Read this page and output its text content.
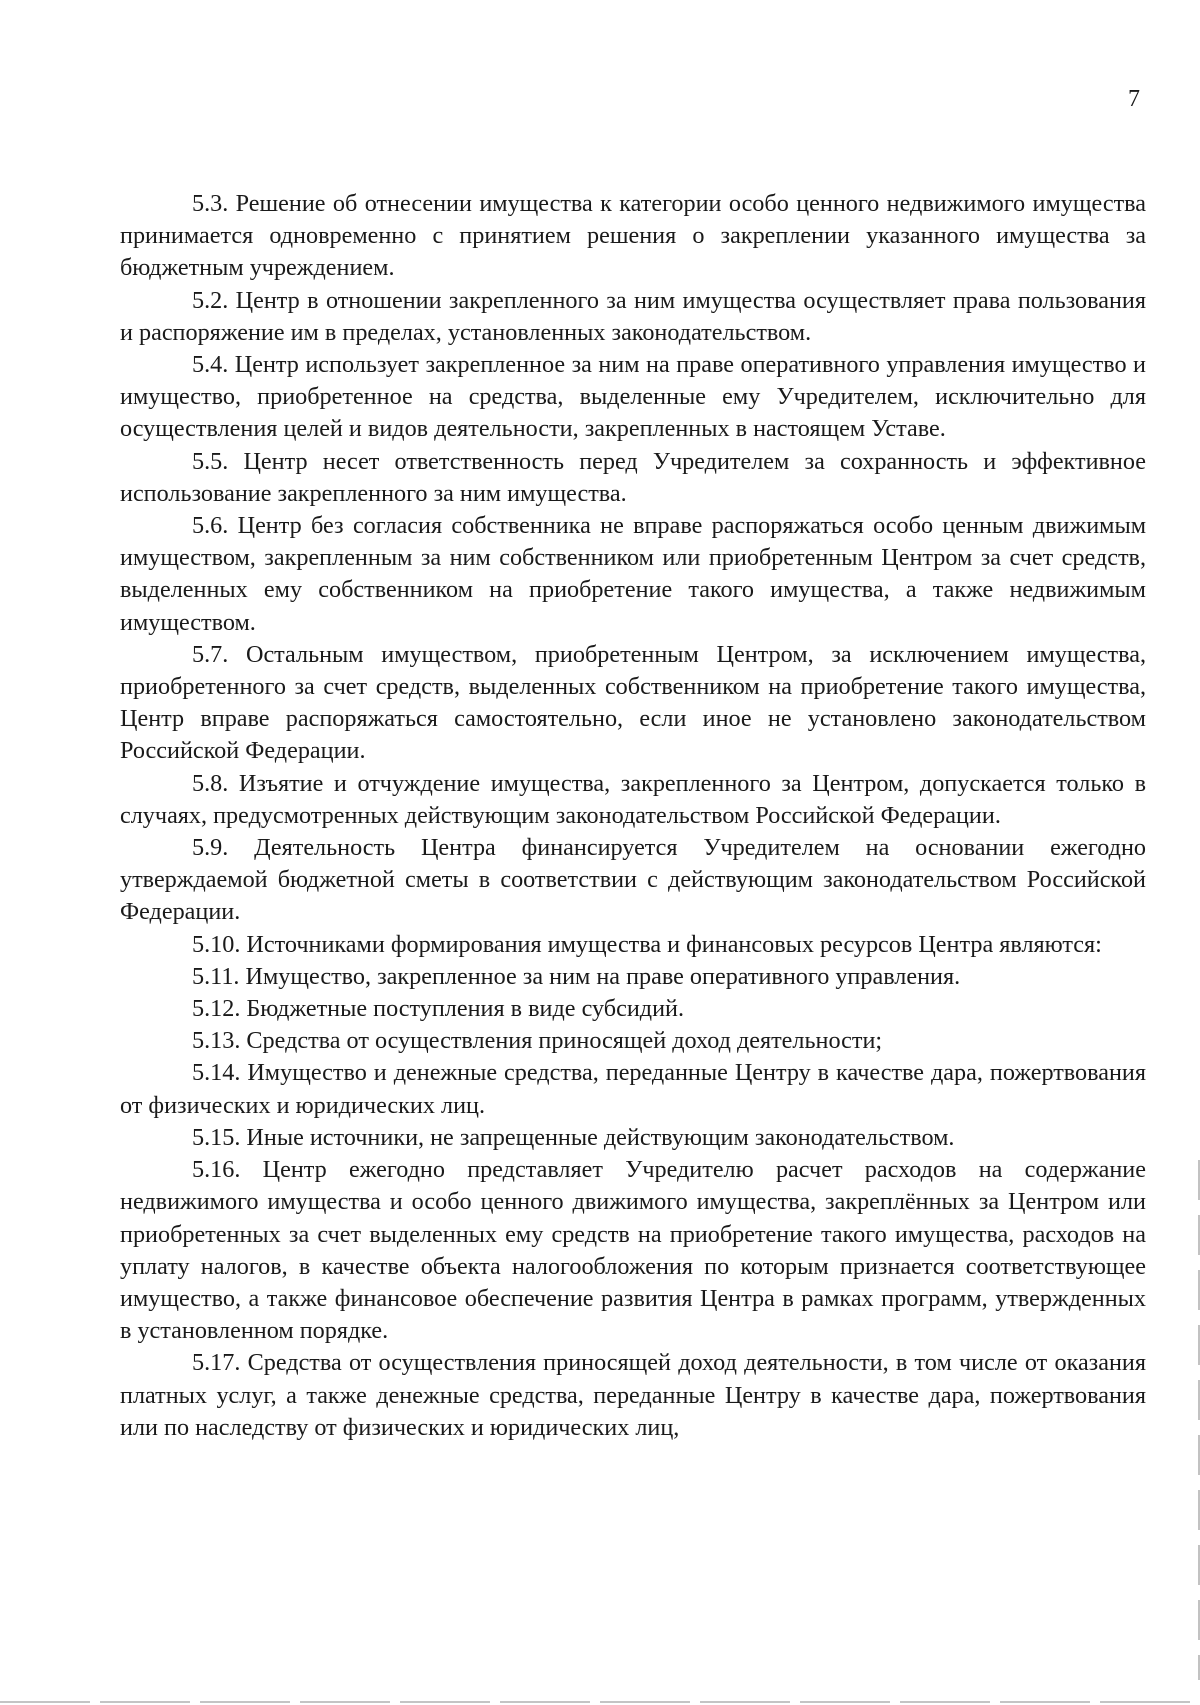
7

5.3. Решение об отнесении имущества к категории особо ценного недвижимого имущества принимается одновременно с принятием решения о закреплении указанного имущества за бюджетным учреждением.

5.2. Центр в отношении закрепленного за ним имущества осуществляет права пользования и распоряжение им в пределах, установленных законодательством.

5.4. Центр использует закрепленное за ним на праве оперативного управления имущество и имущество, приобретенное на средства, выделенные ему Учредителем, исключительно для осуществления целей и видов деятельности, закрепленных в настоящем Уставе.

5.5. Центр несет ответственность перед Учредителем за сохранность и эффективное использование закрепленного за ним имущества.

5.6. Центр без согласия собственника не вправе распоряжаться особо ценным движимым имуществом, закрепленным за ним собственником или приобретенным Центром за счет средств, выделенных ему собственником на приобретение такого имущества, а также недвижимым имуществом.

5.7. Остальным имуществом, приобретенным Центром, за исключением имущества, приобретенного за счет средств, выделенных собственником на приобретение такого имущества, Центр вправе распоряжаться самостоятельно, если иное не установлено законодательством Российской Федерации.

5.8. Изъятие и отчуждение имущества, закрепленного за Центром, допускается только в случаях, предусмотренных действующим законодательством Российской Федерации.

5.9. Деятельность Центра финансируется Учредителем на основании ежегодно утверждаемой бюджетной сметы в соответствии с действующим законодательством Российской Федерации.

5.10. Источниками формирования имущества и финансовых ресурсов Центра являются:

5.11. Имущество, закрепленное за ним на праве оперативного управления.

5.12. Бюджетные поступления в виде субсидий.

5.13. Средства от осуществления приносящей доход деятельности;

5.14. Имущество и денежные средства, переданные Центру в качестве дара, пожертвования от физических и юридических лиц.

5.15. Иные источники, не запрещенные действующим законодательством.

5.16. Центр ежегодно представляет Учредителю расчет расходов на содержание недвижимого имущества и особо ценного движимого имущества, закреплённых за Центром или приобретенных за счет выделенных ему средств на приобретение такого имущества, расходов на уплату налогов, в качестве объекта налогообложения по которым признается соответствующее имущество, а также финансовое обеспечение развития Центра в рамках программ, утвержденных в установленном порядке.

5.17. Средства от осуществления приносящей доход деятельности, в том числе от оказания платных услуг, а также денежные средства, переданные Центру в качестве дара, пожертвования или по наследству от физических и юридических лиц,
